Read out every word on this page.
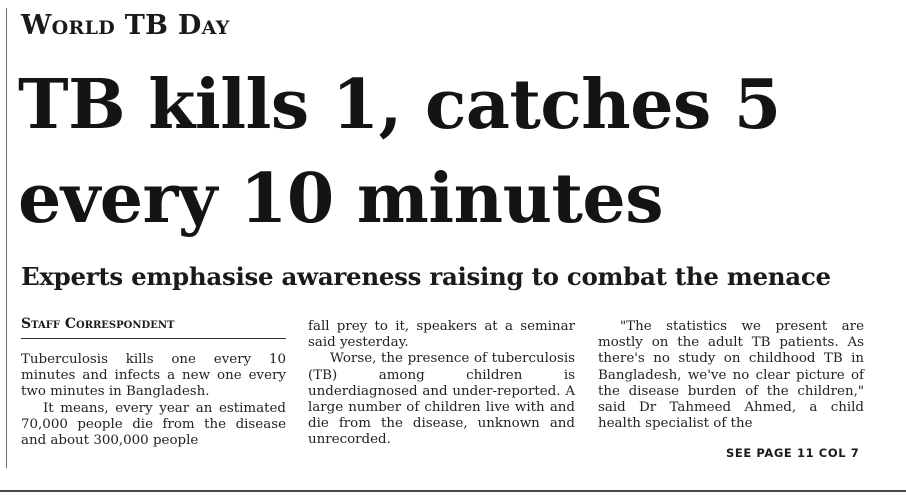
World TB Day
TB kills 1, catches 5
every 10 minutes
Experts emphasise awareness raising to combat the menace
Staff Correspondent

Tuberculosis kills one every 10 minutes and infects a new one every two minutes in Bangladesh.

It means, every year an estimated 70,000 people die from the disease and about 300,000 people

fall prey to it, speakers at a seminar said yesterday.

Worse, the presence of tuberculosis (TB) among children is underdiagnosed and under-reported. A large number of children live with and die from the disease, unknown and unrecorded.

"The statistics we present are mostly on the adult TB patients. As there's no study on childhood TB in Bangladesh, we've no clear picture of the disease burden of the children," said Dr Tahmeed Ahmed, a child health specialist of the

SEE PAGE 11 COL 7
